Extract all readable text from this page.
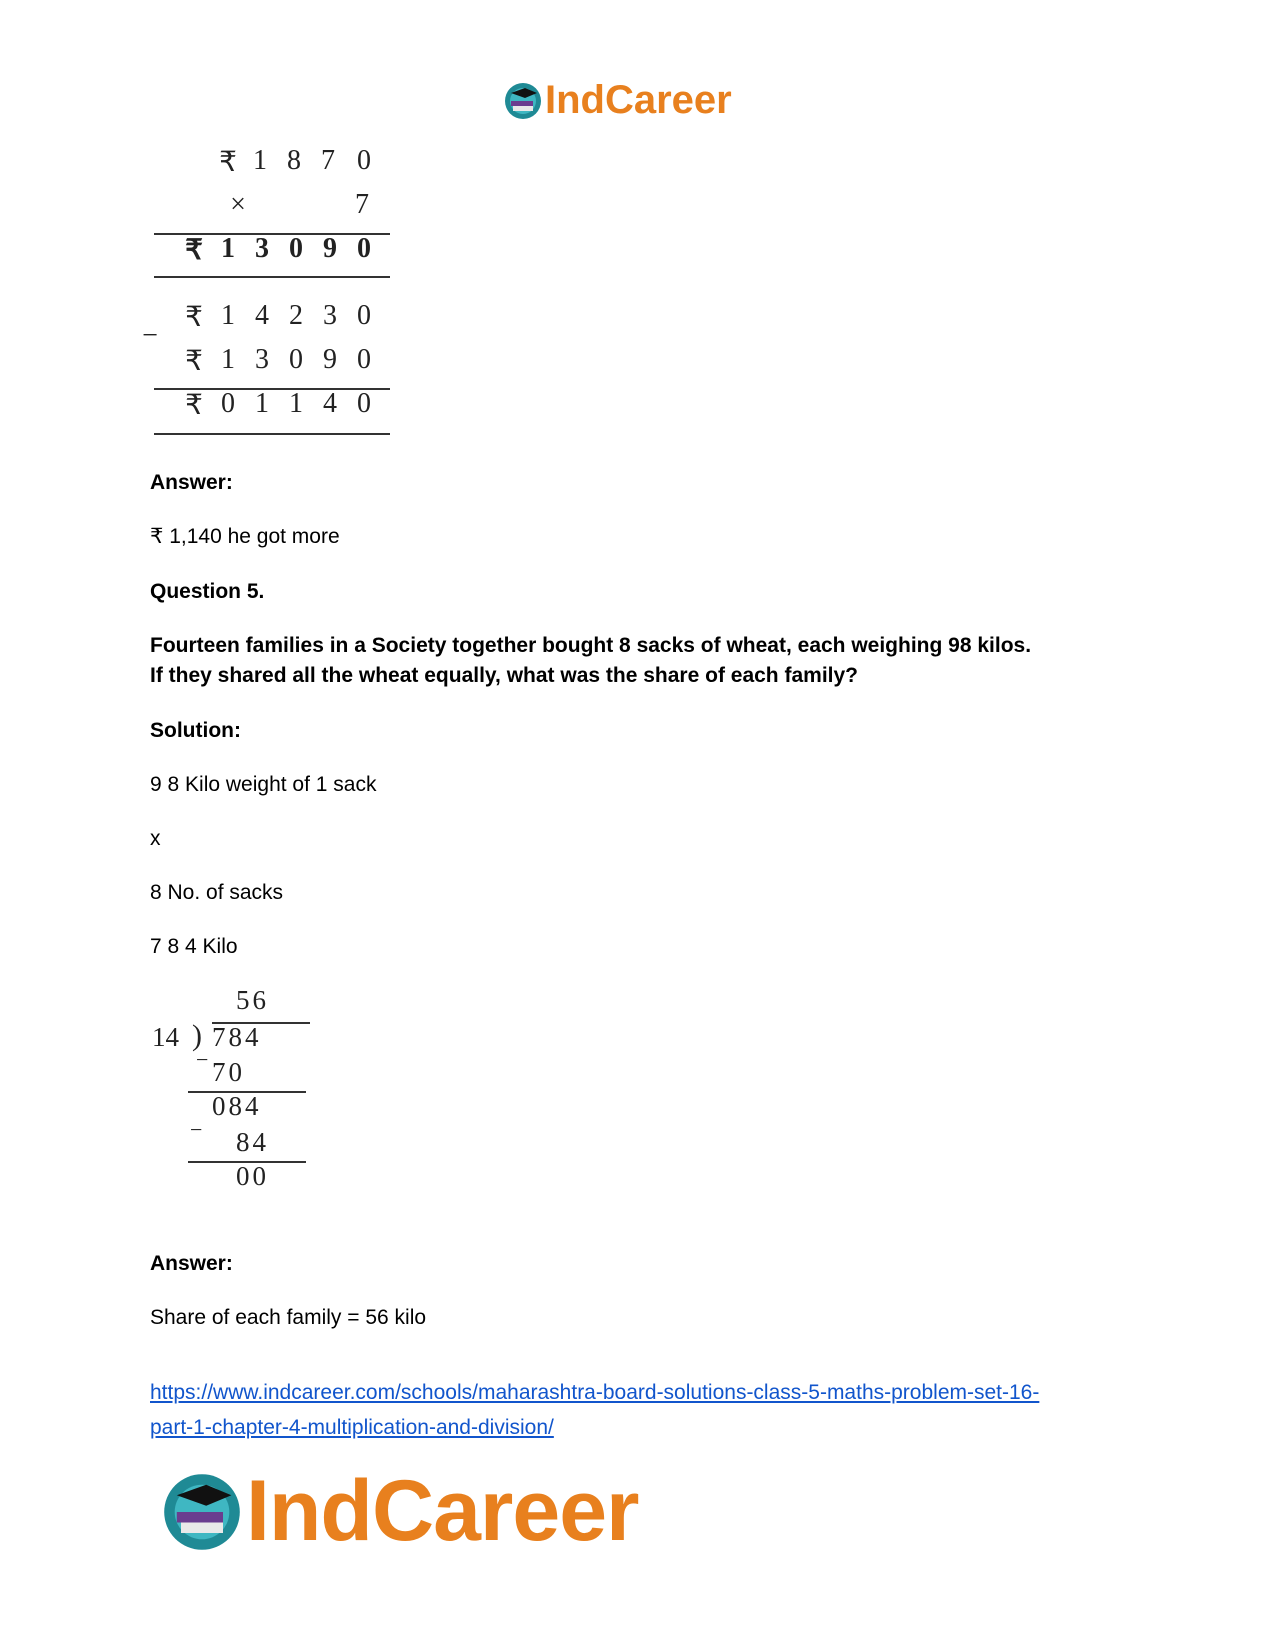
IndCareer
₹ 1 8 7 0
×	7
₹ 1 3 0 9 0
₹ 1 4 2 3 0
−
₹ 1 3 0 9 0
₹ 0 1 1 4 0
Answer:
₹ 1,140 he got more
Question 5.
Fourteen families in a Society together bought 8 sacks of wheat, each weighing 98 kilos.
If they shared all the wheat equally, what was the share of each family?
Solution:
9 8 Kilo weight of 1 sack
x
8 No. of sacks
7 8 4 Kilo
56
14 ) 784
− 70
084
− 84
00
Answer:
Share of each family = 56 kilo
https://www.indcareer.com/schools/maharashtra-board-solutions-class-5-maths-problem-set-16-
part-1-chapter-4-multiplication-and-division/
IndCareer
